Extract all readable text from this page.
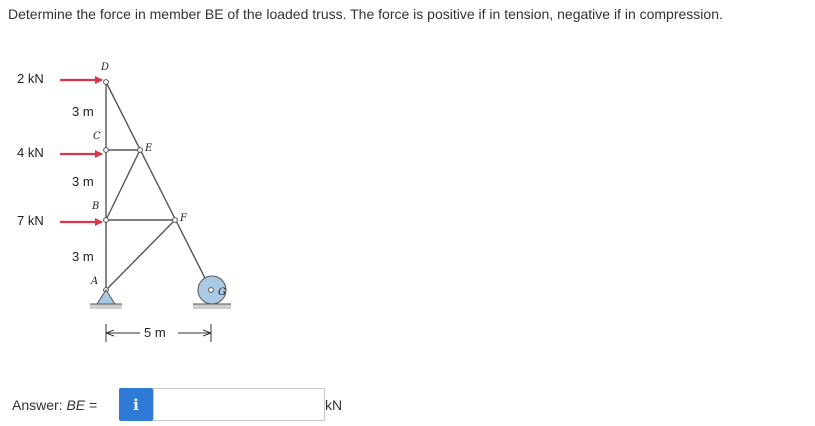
Determine the force in member BE of the loaded truss. The force is positive if in tension, negative if in compression.
2 kN
4 kN
7 kN
3 m
3 m
3 m
5 m
D
C
E
B
F
A
G
Answer: BE = i	kN
